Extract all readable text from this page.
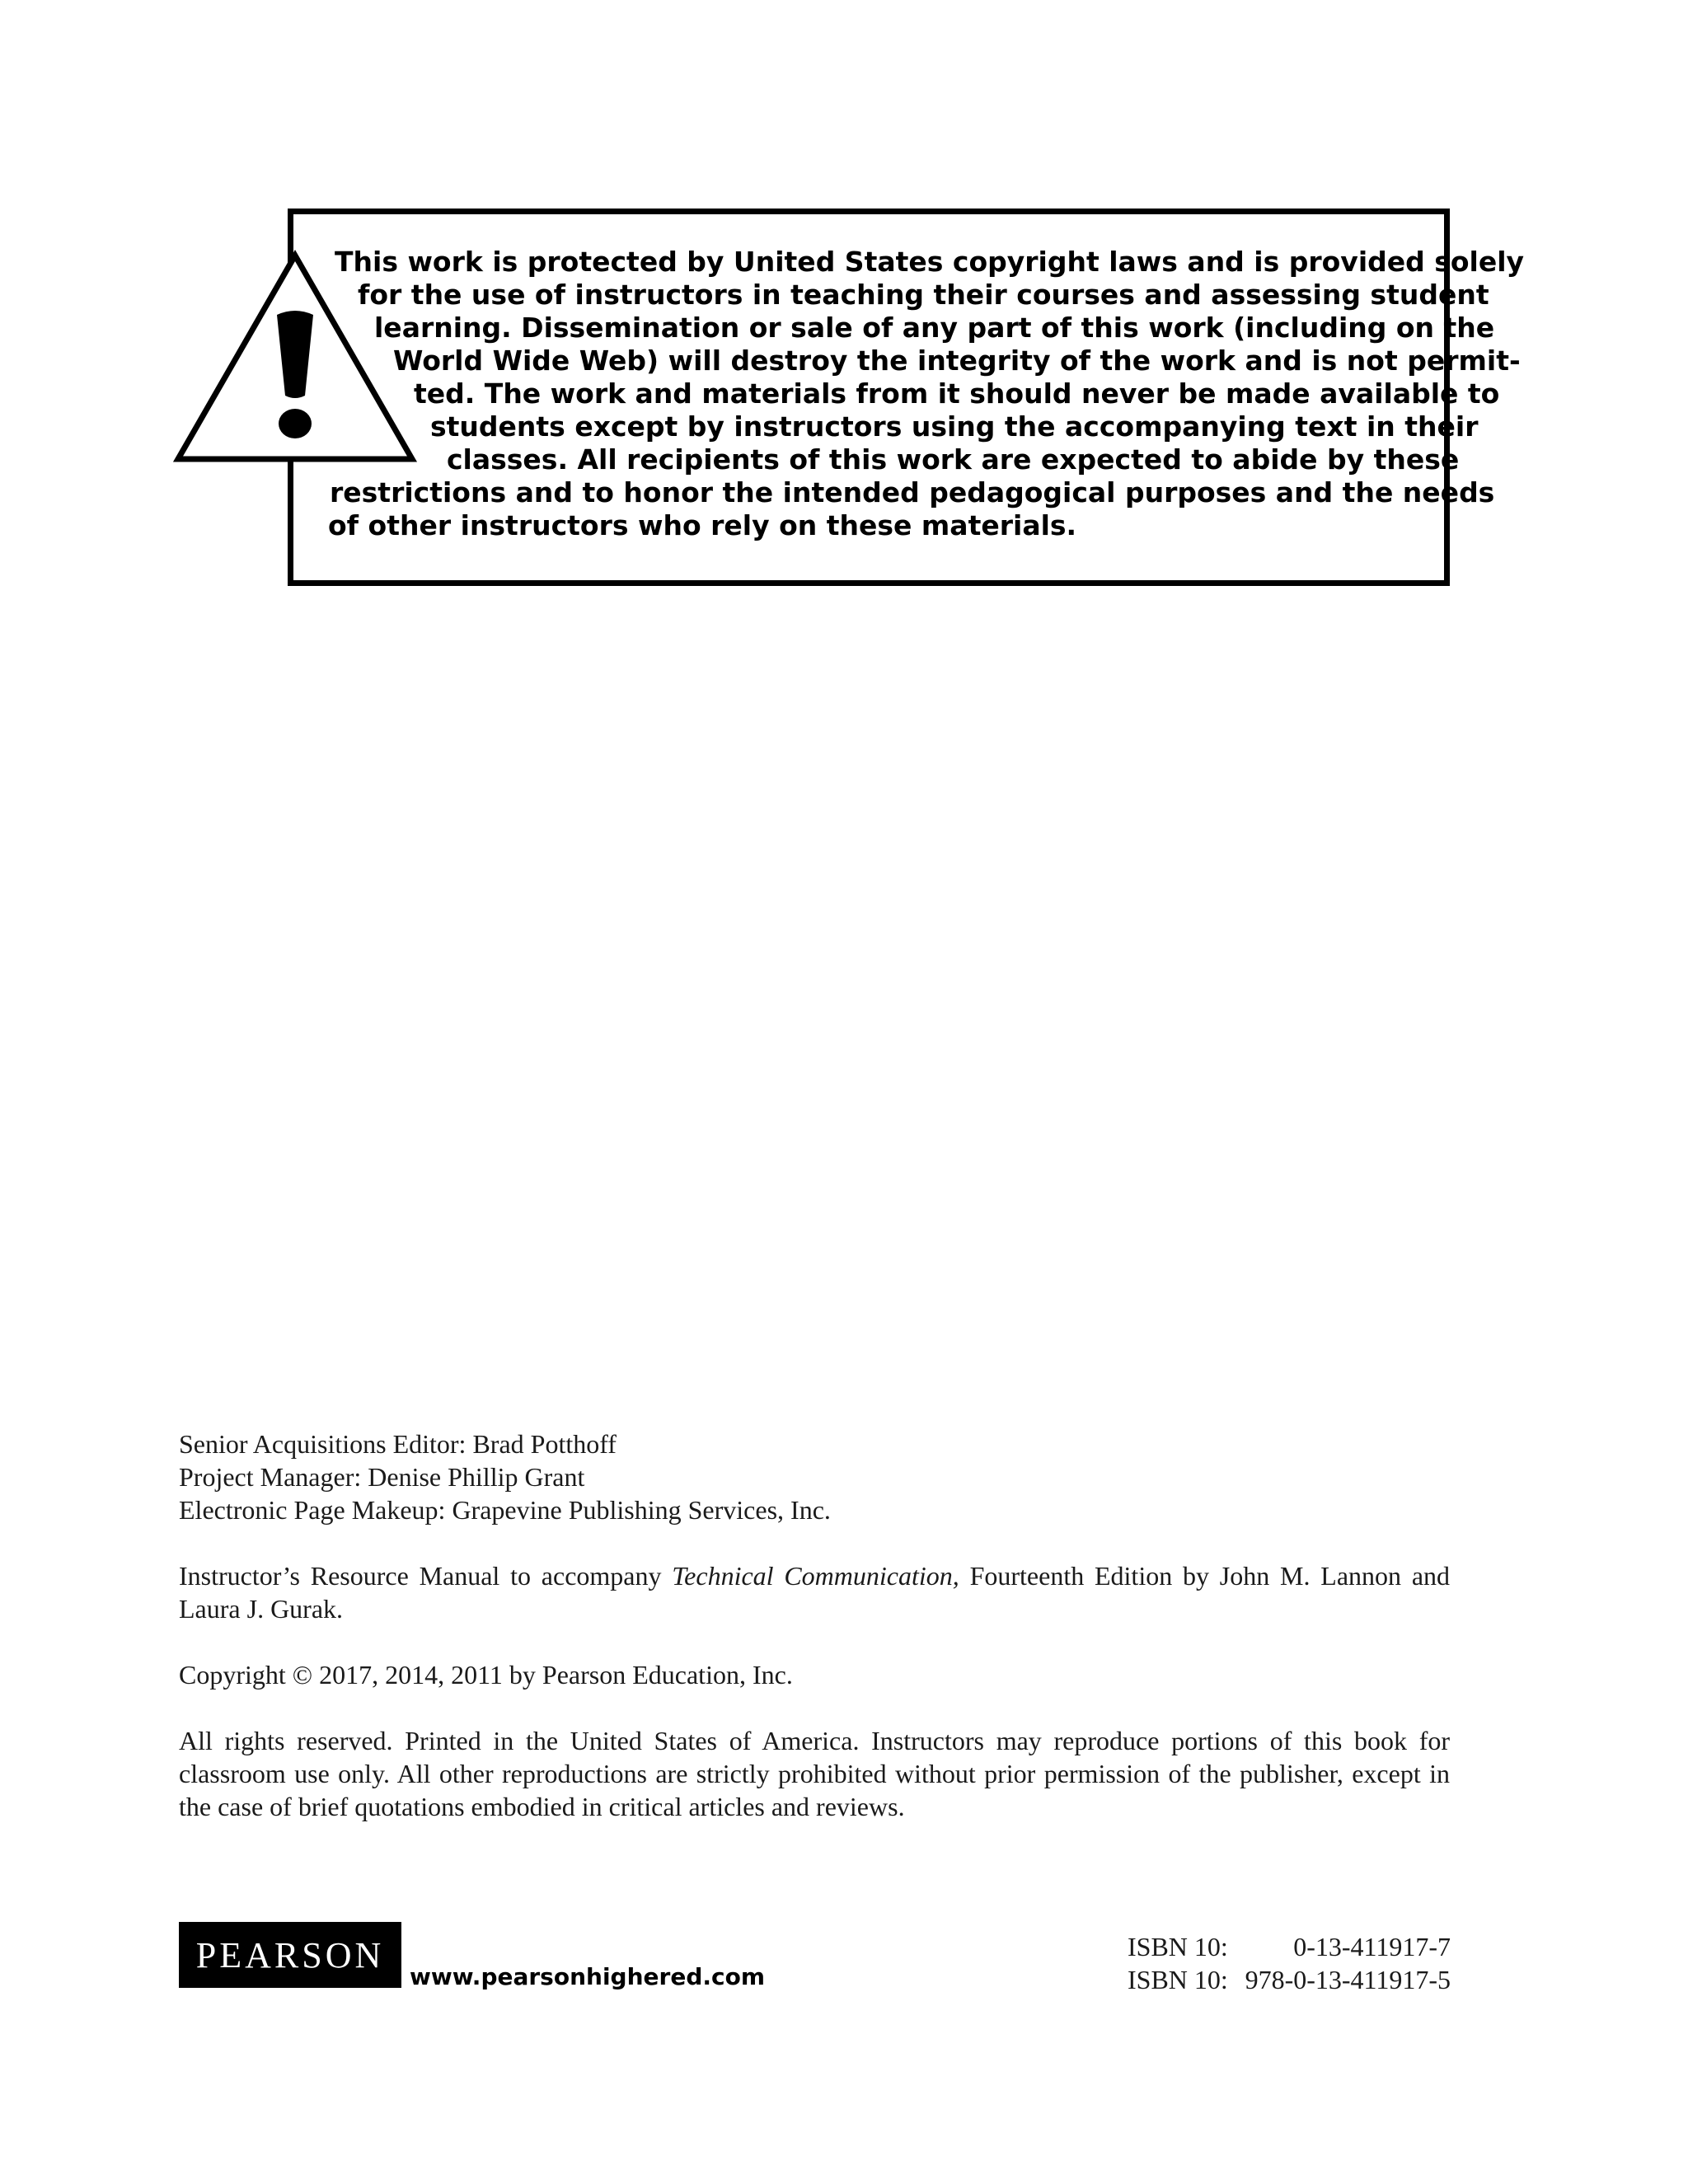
This work is protected by United States copyright laws and is provided solely
for the use of instructors in teaching their courses and assessing student
learning. Dissemination or sale of any part of this work (including on the
World Wide Web) will destroy the integrity of the work and is not permit-
ted. The work and materials from it should never be made available to
students except by instructors using the accompanying text in their
classes. All recipients of this work are expected to abide by these
restrictions and to honor the intended pedagogical purposes and the needs
of other instructors who rely on these materials.

Senior Acquisitions Editor: Brad Potthoff

Project Manager: Denise Phillip Grant

Electronic Page Makeup: Grapevine Publishing Services, Inc.

Instructor’s Resource Manual to accompany Technical Communication, Fourteenth Edition by John M. Lannon and Laura J. Gurak.

Copyright © 2017, 2014, 2011 by Pearson Education, Inc.

All rights reserved. Printed in the United States of America. Instructors may reproduce portions of this book for classroom use only. All other reproductions are strictly prohibited without prior permission of the publisher, except in the case of brief quotations embodied in critical articles and reviews.

PEARSON
www.pearsonhighered.com
ISBN 10: 0-13-411917-7
ISBN 10: 978-0-13-411917-5
